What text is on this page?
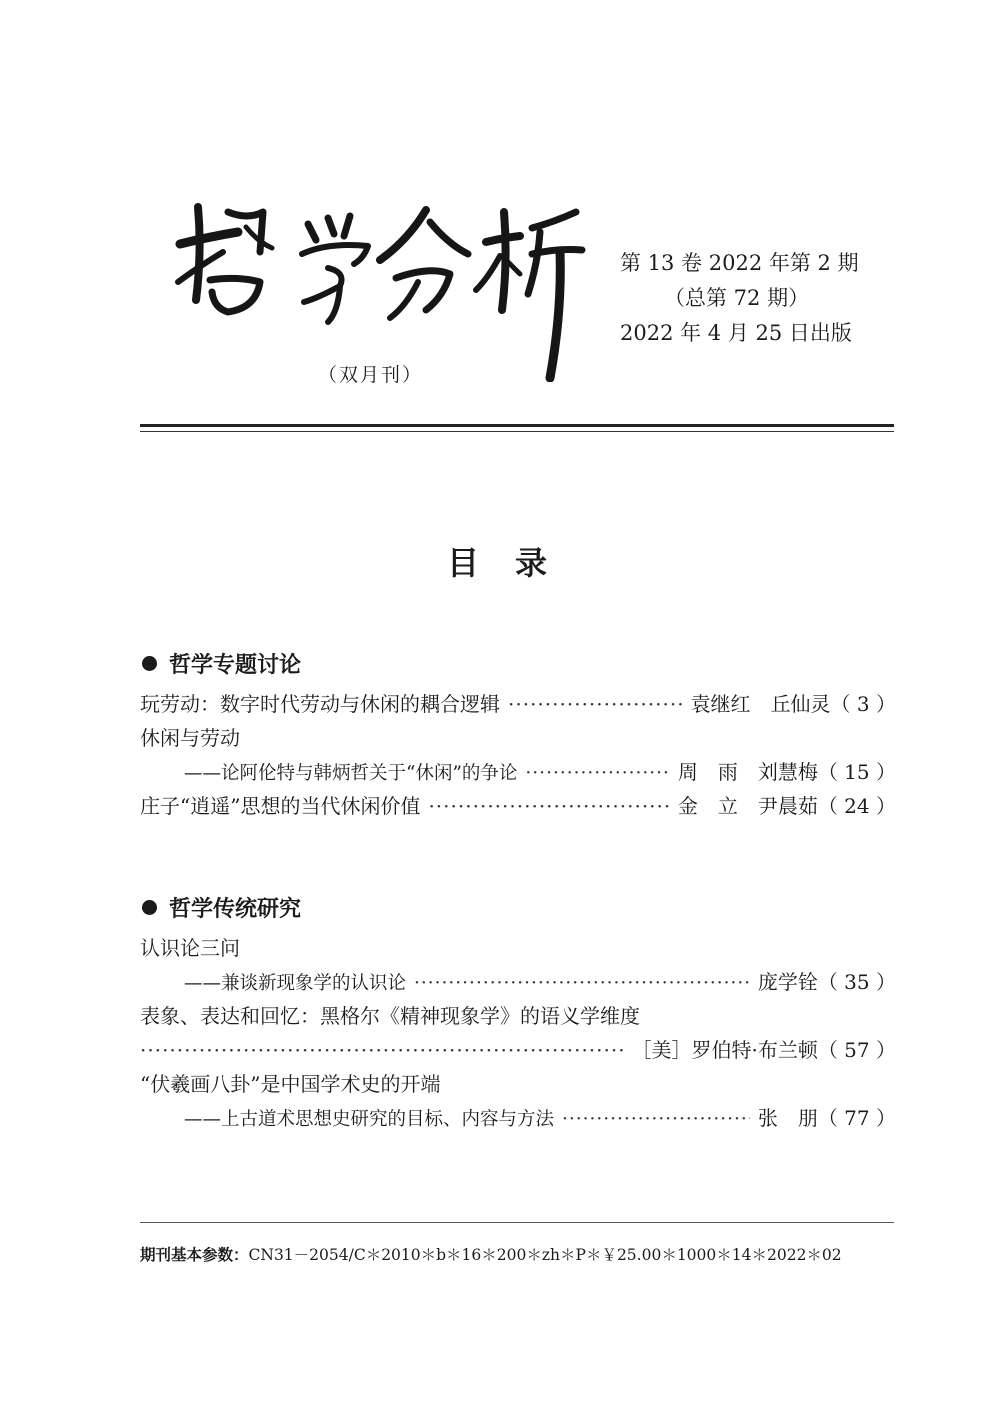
第 13 卷 2022 年第 2 期
（总第 72 期）
2022 年 4 月 25 日出版
（双月刊）
目录
哲学专题讨论
玩劳动：数字时代劳动与休闲的耦合逻辑 ·····	袁继红　丘仙灵 （ 3 ）
休闲与劳动
——论阿伦特与韩炳哲关于“休闲”的争论 ·····	周　雨　刘慧梅 （ 15 ）
庄子“逍遥”思想的当代休闲价值 ·····	金　立　尹晨茹 （ 24 ）
哲学传统研究
认识论三问
——兼谈新现象学的认识论 ·····	庞学铨 （ 35 ）
表象、表达和回忆：黑格尔《精神现象学》的语义学维度
·····
［美］罗伯特·布兰顿 （ 57 ）
“伏羲画八卦”是中国学术史的开端
——上古道术思想史研究的目标、内容与方法 ·····	张　朋 （ 77 ）
期刊基本参数：CN31－2054/C＊2010＊b＊16＊200＊zh＊P＊￥25.00＊1000＊14＊2022＊02
